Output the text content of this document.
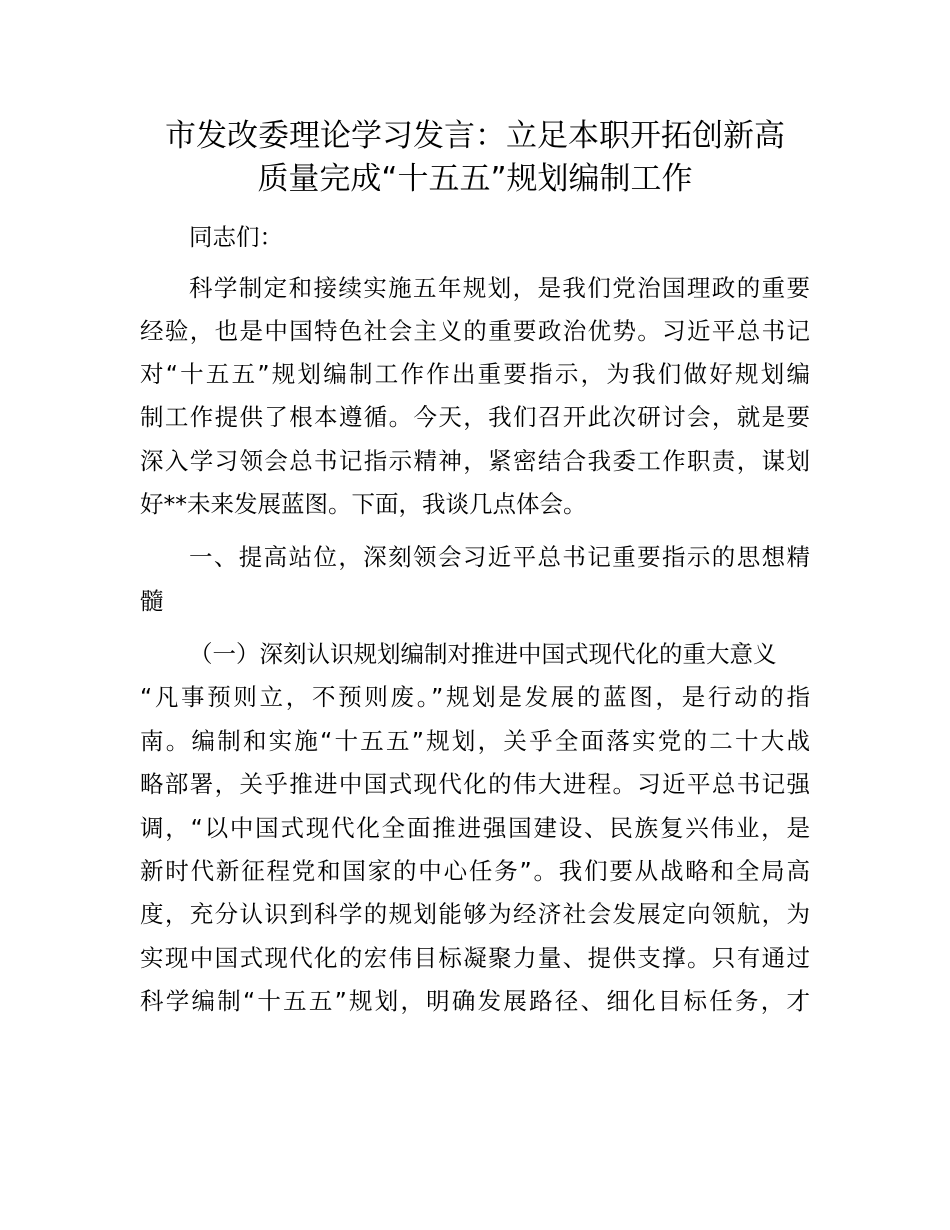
市发改委理论学习发言：立足本职开拓创新高
质量完成“十五五”规划编制工作
同志们：
科学制定和接续实施五年规划，是我们党治国理政的重要
经验，也是中国特色社会主义的重要政治优势。习近平总书记
对“十五五”规划编制工作作出重要指示，为我们做好规划编
制工作提供了根本遵循。今天，我们召开此次研讨会，就是要
深入学习领会总书记指示精神，紧密结合我委工作职责，谋划
好**未来发展蓝图。下面，我谈几点体会。
一、提高站位，深刻领会习近平总书记重要指示的思想精
髓
（一）深刻认识规划编制对推进中国式现代化的重大意义
“凡事预则立，不预则废。”规划是发展的蓝图，是行动的指
南。编制和实施“十五五”规划，关乎全面落实党的二十大战
略部署，关乎推进中国式现代化的伟大进程。习近平总书记强
调，“以中国式现代化全面推进强国建设、民族复兴伟业，是
新时代新征程党和国家的中心任务”。我们要从战略和全局高
度，充分认识到科学的规划能够为经济社会发展定向领航，为
实现中国式现代化的宏伟目标凝聚力量、提供支撑。只有通过
科学编制“十五五”规划，明确发展路径、细化目标任务，才
